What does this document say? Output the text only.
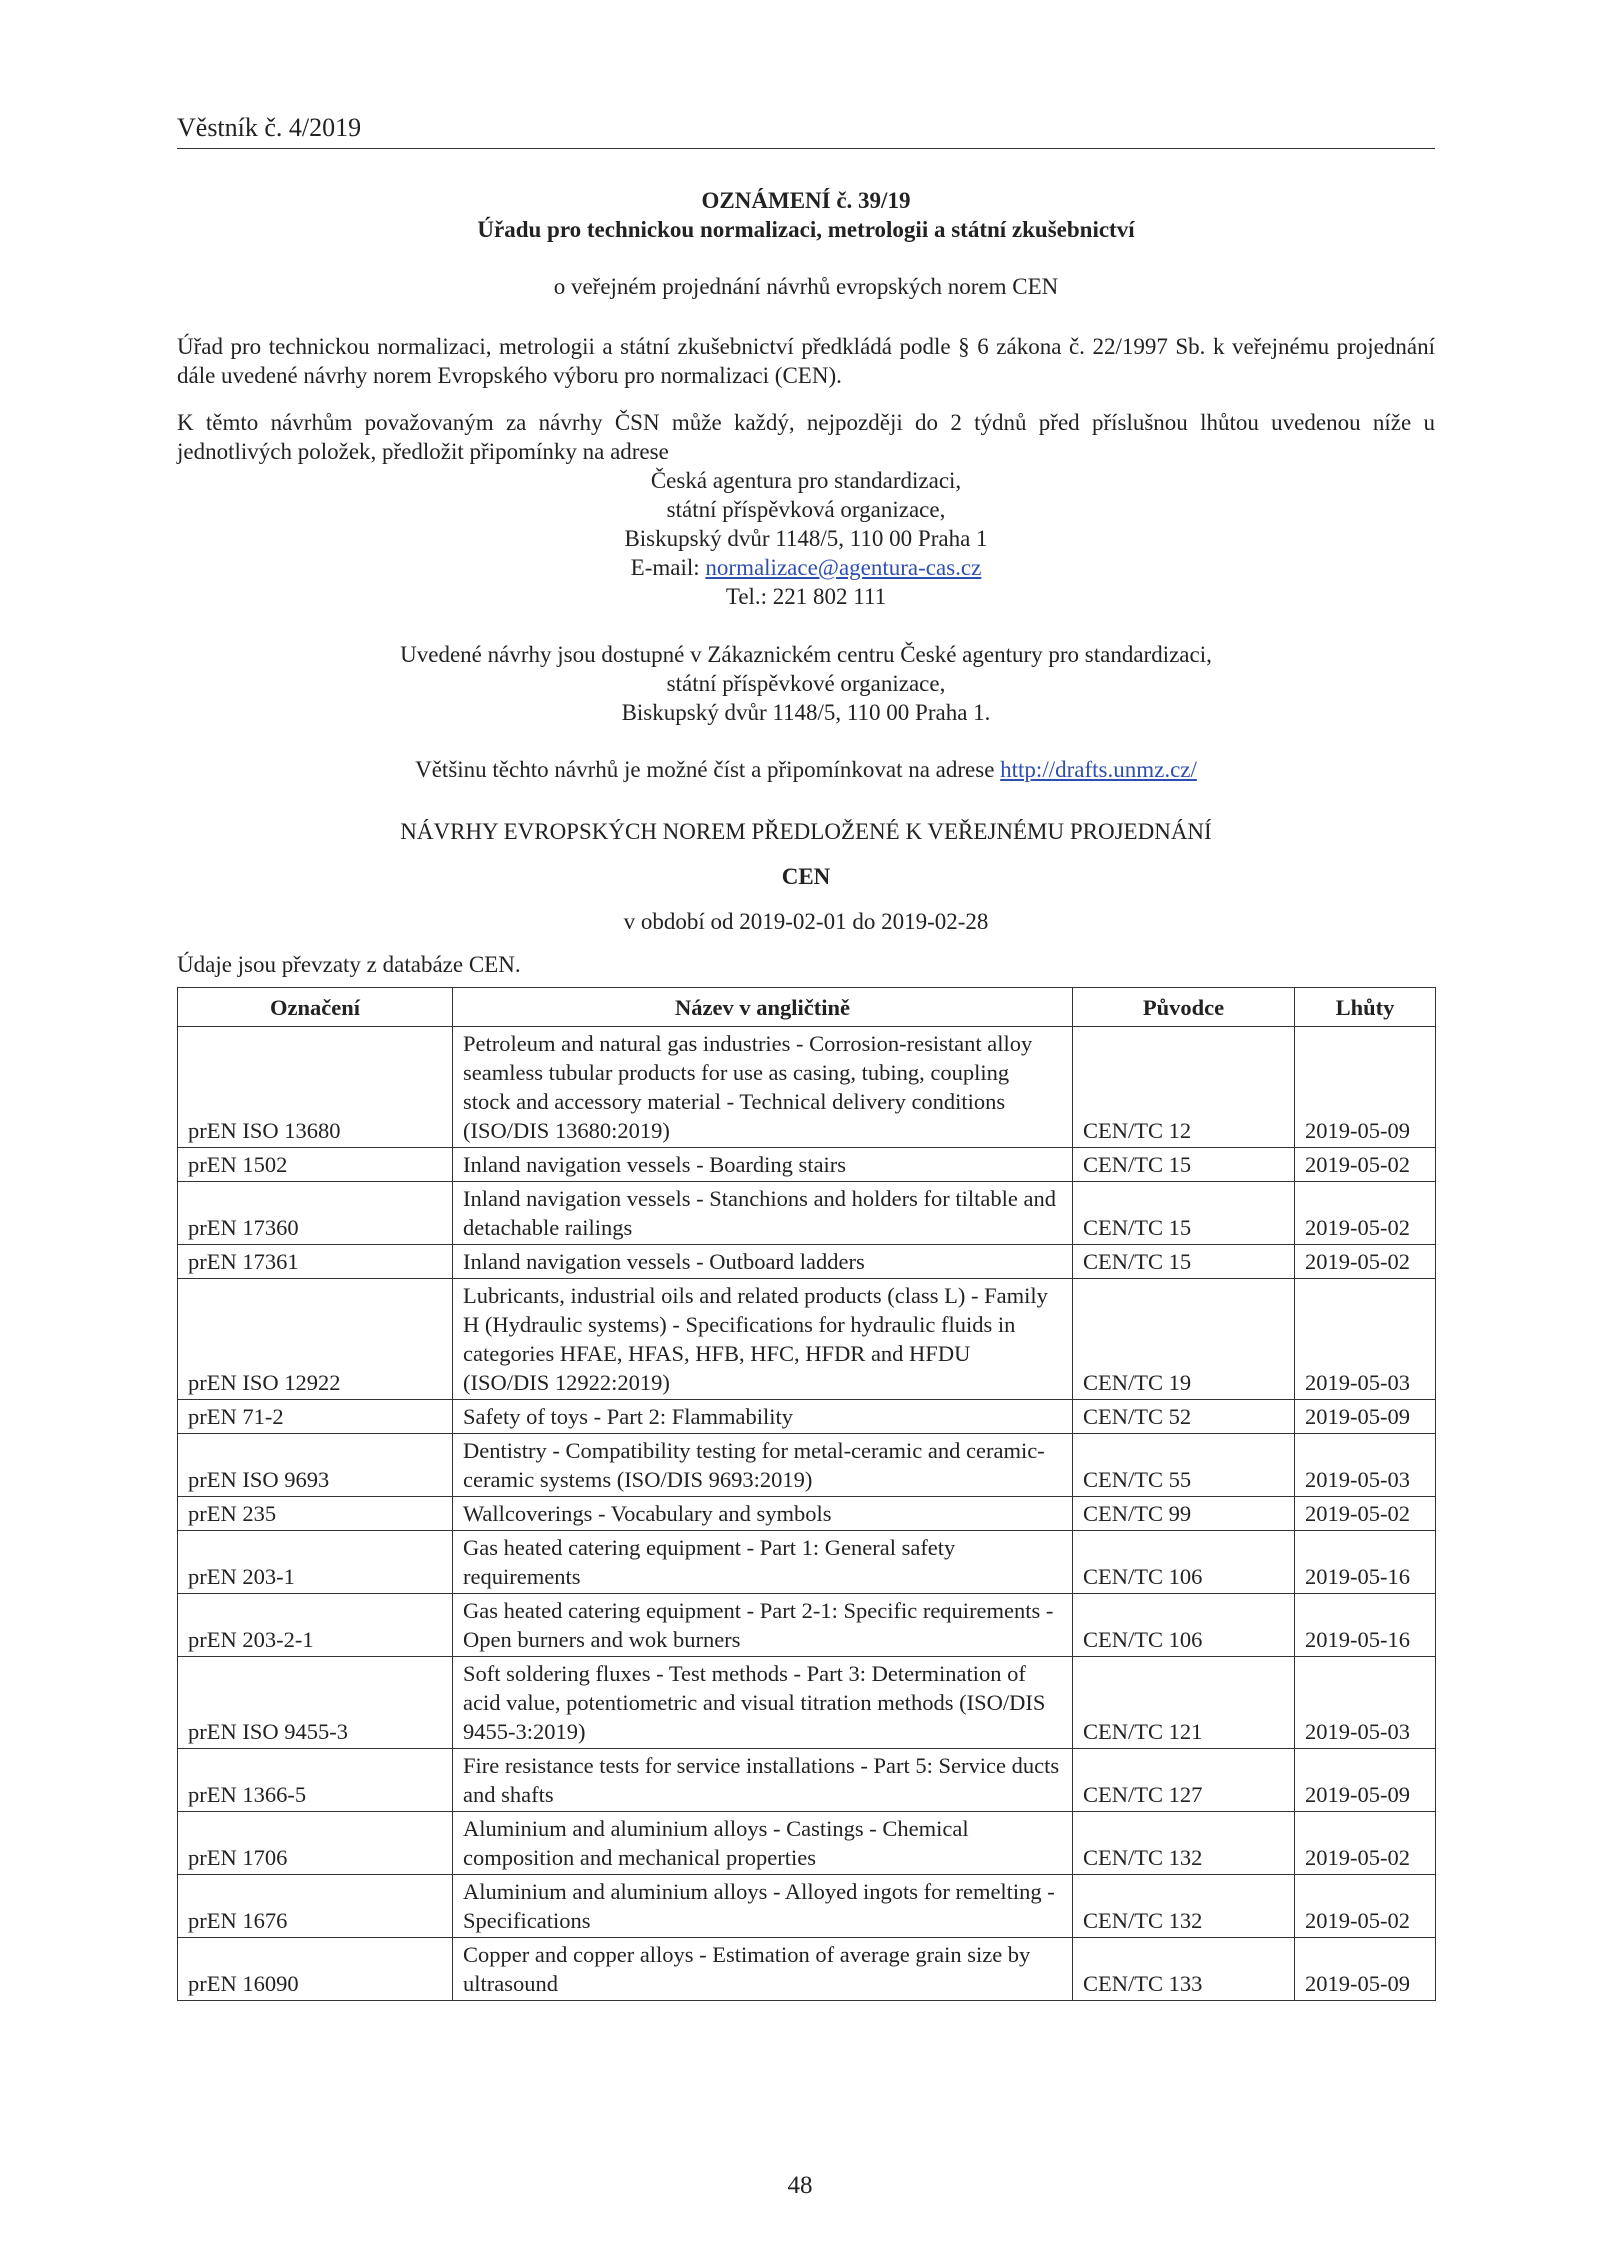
Věstník č. 4/2019
OZNÁMENÍ č. 39/19
Úřadu pro technickou normalizaci, metrologii a státní zkušebnictví
o veřejném projednání návrhů evropských norem CEN
Úřad pro technickou normalizaci, metrologii a státní zkušebnictví předkládá podle § 6 zákona č. 22/1997 Sb. k veřejnému projednání dále uvedené návrhy norem Evropského výboru pro normalizaci (CEN).
K těmto návrhům považovaným za návrhy ČSN může každý, nejpozději do 2 týdnů před příslušnou lhůtou uvedenou níže u jednotlivých položek, předložit připomínky na adrese
Česká agentura pro standardizaci,
státní příspěvková organizace,
Biskupský dvůr 1148/5, 110 00 Praha 1
E-mail: normalizace@agentura-cas.cz
Tel.: 221 802 111
Uvedené návrhy jsou dostupné v Zákaznickém centru České agentury pro standardizaci,
státní příspěvkové organizace,
Biskupský dvůr 1148/5, 110 00 Praha 1.
Většinu těchto návrhů je možné číst a připomínkovat na adrese http://drafts.unmz.cz/
NÁVRHY EVROPSKÝCH NOREM PŘEDLOŽENÉ K VEŘEJNÉMU PROJEDNÁNÍ
CEN
v období od 2019-02-01 do 2019-02-28
Údaje jsou převzaty z databáze CEN.
Označení	Název v angličtině	Původce	Lhůty
prEN ISO 13680	Petroleum and natural gas industries - Corrosion-resistant alloy seamless tubular products for use as casing, tubing, coupling stock and accessory material - Technical delivery conditions (ISO/DIS 13680:2019)	CEN/TC 12	2019-05-09
prEN 1502	Inland navigation vessels - Boarding stairs	CEN/TC 15	2019-05-02
prEN 17360	Inland navigation vessels - Stanchions and holders for tiltable and detachable railings	CEN/TC 15	2019-05-02
prEN 17361	Inland navigation vessels - Outboard ladders	CEN/TC 15	2019-05-02
prEN ISO 12922	Lubricants, industrial oils and related products (class L) - Family H (Hydraulic systems) - Specifications for hydraulic fluids in categories HFAE, HFAS, HFB, HFC, HFDR and HFDU (ISO/DIS 12922:2019)	CEN/TC 19	2019-05-03
prEN 71-2	Safety of toys - Part 2: Flammability	CEN/TC 52	2019-05-09
prEN ISO 9693	Dentistry - Compatibility testing for metal-ceramic and ceramic-ceramic systems (ISO/DIS 9693:2019)	CEN/TC 55	2019-05-03
prEN 235	Wallcoverings - Vocabulary and symbols	CEN/TC 99	2019-05-02
prEN 203-1	Gas heated catering equipment - Part 1: General safety requirements	CEN/TC 106	2019-05-16
prEN 203-2-1	Gas heated catering equipment - Part 2-1: Specific requirements - Open burners and wok burners	CEN/TC 106	2019-05-16
prEN ISO 9455-3	Soft soldering fluxes - Test methods - Part 3: Determination of acid value, potentiometric and visual titration methods (ISO/DIS 9455-3:2019)	CEN/TC 121	2019-05-03
prEN 1366-5	Fire resistance tests for service installations - Part 5: Service ducts and shafts	CEN/TC 127	2019-05-09
prEN 1706	Aluminium and aluminium alloys - Castings - Chemical composition and mechanical properties	CEN/TC 132	2019-05-02
prEN 1676	Aluminium and aluminium alloys - Alloyed ingots for remelting - Specifications	CEN/TC 132	2019-05-02
prEN 16090	Copper and copper alloys - Estimation of average grain size by ultrasound	CEN/TC 133	2019-05-09
48
